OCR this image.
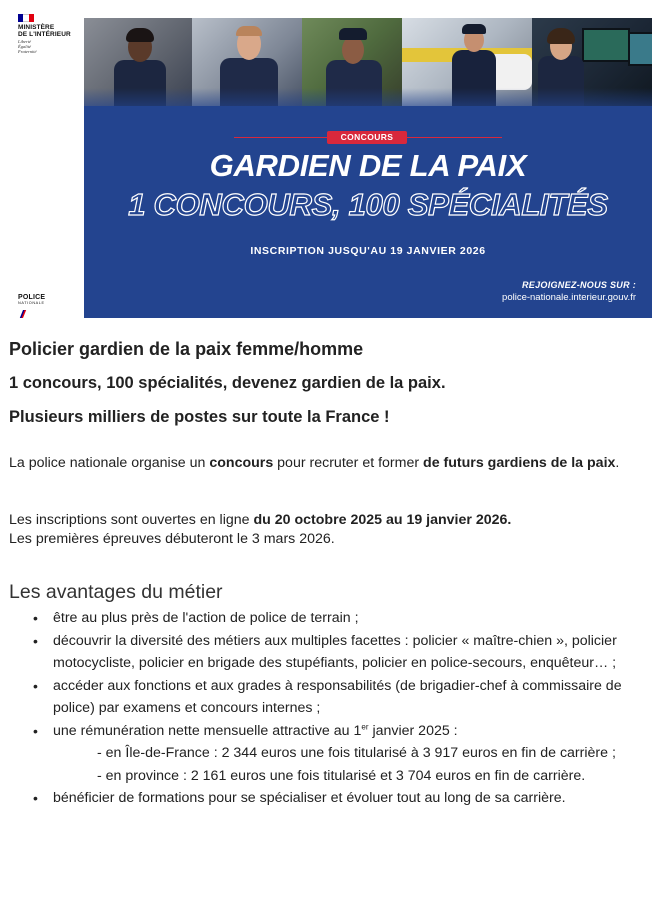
MINISTÈRE
DE L'INTÉRIEUR
Liberté
Égalité
Fraternité
POLICE
NATIONALE
CONCOURS
GARDIEN DE LA PAIX
1 CONCOURS, 100 SPÉCIALITÉS
INSCRIPTION JUSQU'AU 19 JANVIER 2026
REJOIGNEZ-NOUS SUR :
police-nationale.interieur.gouv.fr
Policier gardien de la paix femme/homme
1 concours, 100 spécialités, devenez gardien de la paix.
Plusieurs milliers de postes sur toute la France !

La police nationale organise un concours pour recruter et former de futurs gardiens de la paix.

Les inscriptions sont ouvertes en ligne du 20 octobre 2025 au 19 janvier 2026.
Les premières épreuves débuteront le 3 mars 2026.
Les avantages du métier
• être au plus près de l'action de police de terrain ;
• découvrir la diversité des métiers aux multiples facettes : policier « maître-chien », policier motocycliste, policier en brigade des stupéfiants, policier en police-secours, enquêteur… ;
• accéder aux fonctions et aux grades à responsabilités (de brigadier-chef à commissaire de police) par examens et concours internes ;
• une rémunération nette mensuelle attractive au 1er janvier 2025 :
- en Île-de-France : 2 344 euros une fois titularisé à 3 917 euros en fin de carrière ;
- en province : 2 161 euros une fois titularisé et 3 704 euros en fin de carrière.
• bénéficier de formations pour se spécialiser et évoluer tout au long de sa carrière.
